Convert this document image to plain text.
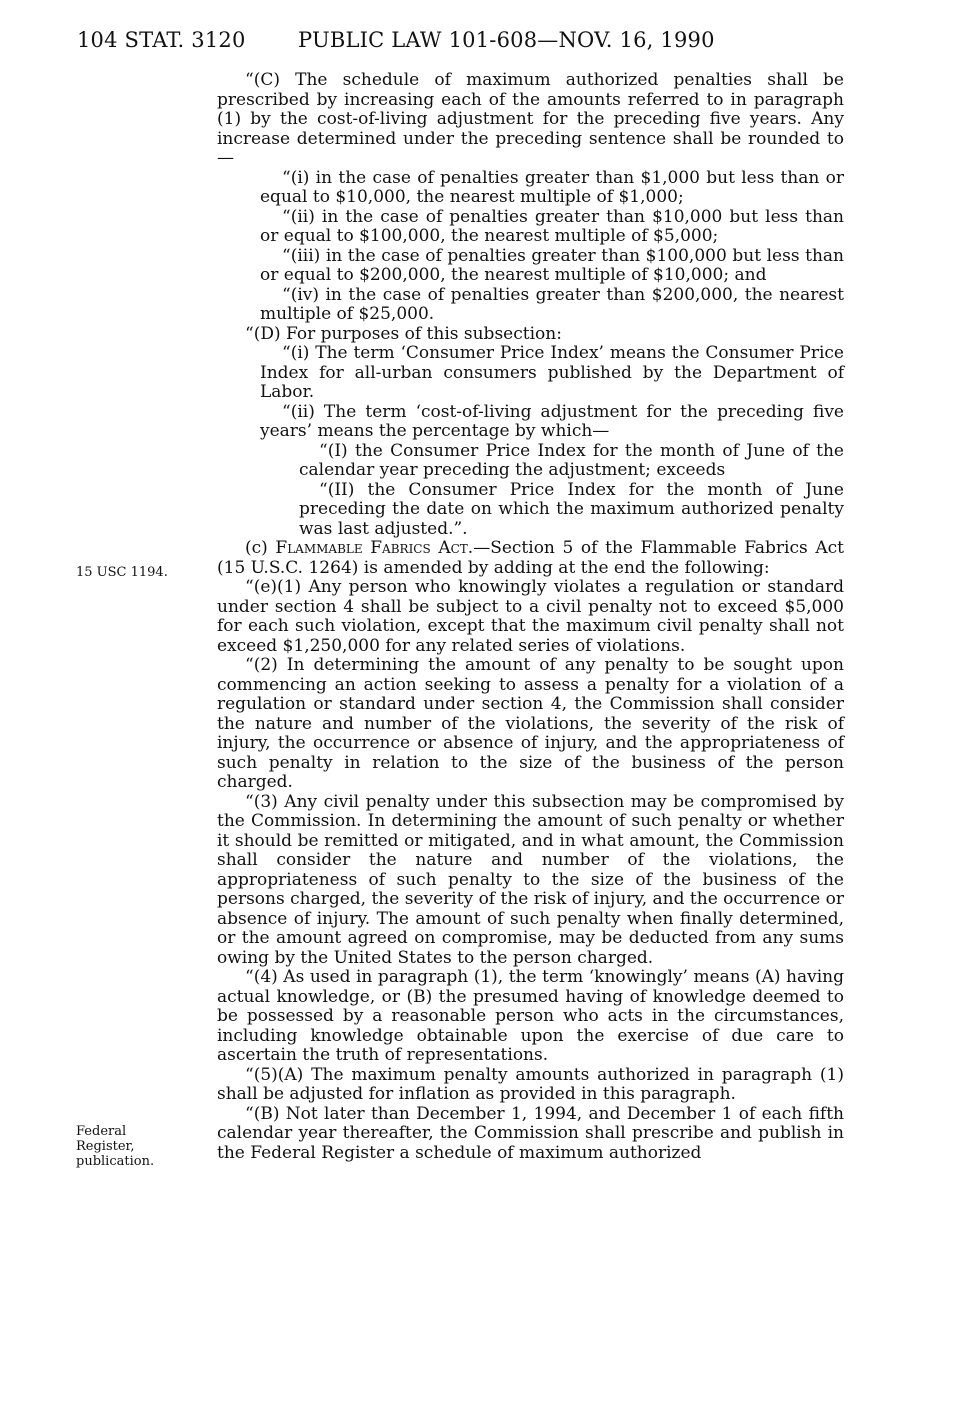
104 STAT. 3120 PUBLIC LAW 101-608—NOV. 16, 1990
15 USC 1194.
Federal
Register,
publication.

“(C) The schedule of maximum authorized penalties shall be prescribed by increasing each of the amounts referred to in paragraph (1) by the cost-of-living adjustment for the preceding five years. Any increase determined under the preceding sentence shall be rounded to—

“(i) in the case of penalties greater than $1,000 but less than or equal to $10,000, the nearest multiple of $1,000;

“(ii) in the case of penalties greater than $10,000 but less than or equal to $100,000, the nearest multiple of $5,000;

“(iii) in the case of penalties greater than $100,000 but less than or equal to $200,000, the nearest multiple of $10,000; and

“(iv) in the case of penalties greater than $200,000, the nearest multiple of $25,000.

“(D) For purposes of this subsection:

“(i) The term ‘Consumer Price Index’ means the Consumer Price Index for all-urban consumers published by the Department of Labor.

“(ii) The term ‘cost-of-living adjustment for the preceding five years’ means the percentage by which—

“(I) the Consumer Price Index for the month of June of the calendar year preceding the adjustment; exceeds

“(II) the Consumer Price Index for the month of June preceding the date on which the maximum authorized penalty was last adjusted.”.

(c) Flammable Fabrics Act.—Section 5 of the Flammable Fabrics Act (15 U.S.C. 1264) is amended by adding at the end the following:

“(e)(1) Any person who knowingly violates a regulation or standard under section 4 shall be subject to a civil penalty not to exceed $5,000 for each such violation, except that the maximum civil penalty shall not exceed $1,250,000 for any related series of violations.

“(2) In determining the amount of any penalty to be sought upon commencing an action seeking to assess a penalty for a violation of a regulation or standard under section 4, the Commission shall consider the nature and number of the violations, the severity of the risk of injury, the occurrence or absence of injury, and the appropriateness of such penalty in relation to the size of the business of the person charged.

“(3) Any civil penalty under this subsection may be compromised by the Commission. In determining the amount of such penalty or whether it should be remitted or mitigated, and in what amount, the Commission shall consider the nature and number of the violations, the appropriateness of such penalty to the size of the business of the persons charged, the severity of the risk of injury, and the occurrence or absence of injury. The amount of such penalty when finally determined, or the amount agreed on compromise, may be deducted from any sums owing by the United States to the person charged.

“(4) As used in paragraph (1), the term ‘knowingly’ means (A) having actual knowledge, or (B) the presumed having of knowledge deemed to be possessed by a reasonable person who acts in the circumstances, including knowledge obtainable upon the exercise of due care to ascertain the truth of representations.

“(5)(A) The maximum penalty amounts authorized in paragraph (1) shall be adjusted for inflation as provided in this paragraph.

“(B) Not later than December 1, 1994, and December 1 of each fifth calendar year thereafter, the Commission shall prescribe and publish in the Federal Register a schedule of maximum authorized
